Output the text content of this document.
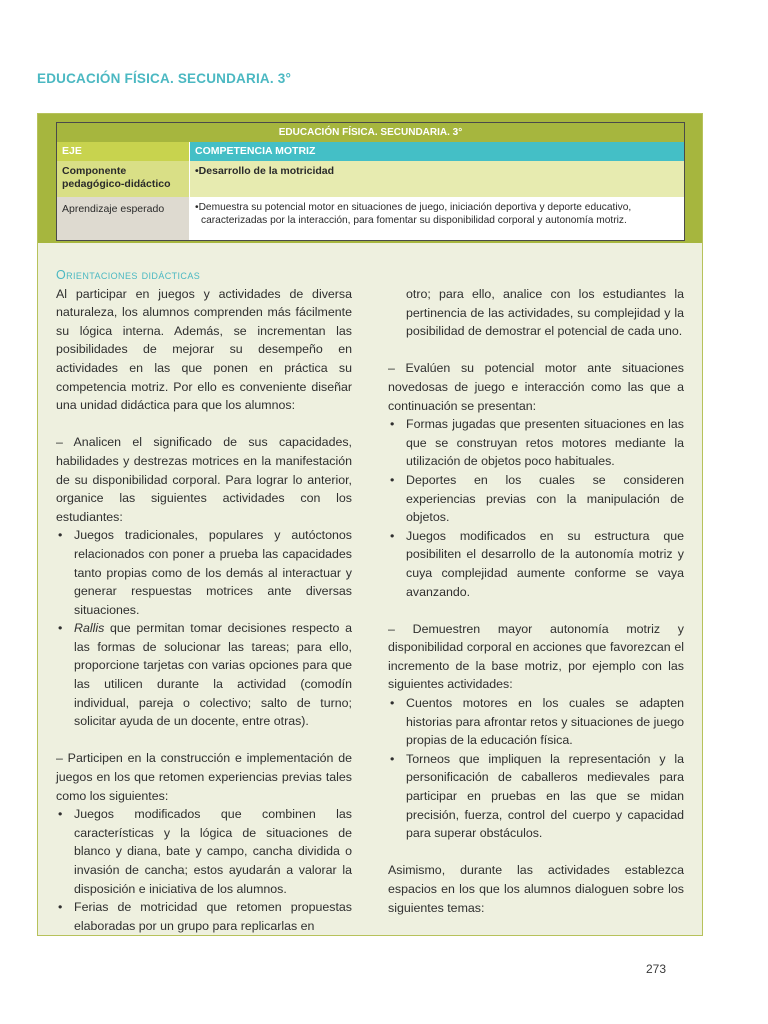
EDUCACIÓN FÍSICA. SECUNDARIA. 3°
EDUCACIÓN FÍSICA. SECUNDARIA. 3°
EJE	COMPETENCIA MOTRIZ
Componente pedagógico-didáctico
•Desarrollo de la motricidad
Aprendizaje esperado	•Demuestra su potencial motor en situaciones de juego, iniciación deportiva y deporte educativo,
caracterizadas por la interacción, para fomentar su disponibilidad corporal y autonomía motriz.
Orientaciones didácticas

Al participar en juegos y actividades de diversa naturaleza, los alumnos comprenden más fácilmente su lógica interna. Además, se incrementan las posibilidades de mejorar su desempeño en actividades en las que ponen en práctica su competencia motriz. Por ello es conveniente diseñar una unidad didáctica para que los alumnos:

– Analicen el significado de sus capacidades, habilidades y destrezas motrices en la manifestación de su disponibilidad corporal. Para lograr lo anterior, organice las siguientes actividades con los estudiantes:

• Juegos tradicionales, populares y autóctonos relacionados con poner a prueba las capacidades tanto propias como de los demás al interactuar y generar respuestas motrices ante diversas situaciones.
• Rallis que permitan tomar decisiones respecto a las formas de solucionar las tareas; para ello, proporcione tarjetas con varias opciones para que las utilicen durante la actividad (comodín individual, pareja o colectivo; salto de turno; solicitar ayuda de un docente, entre otras).

– Participen en la construcción e implementación de juegos en los que retomen experiencias previas tales como los siguientes:

• Juegos modificados que combinen las características y la lógica de situaciones de blanco y diana, bate y campo, cancha dividida o invasión de cancha; estos ayudarán a valorar la disposición e iniciativa de los alumnos.
• Ferias de motricidad que retomen propuestas elaboradas por un grupo para replicarlas en
otro; para ello, analice con los estudiantes la pertinencia de las actividades, su complejidad y la posibilidad de demostrar el potencial de cada uno.

– Evalúen su potencial motor ante situaciones novedosas de juego e interacción como las que a continuación se presentan:

• Formas jugadas que presenten situaciones en las que se construyan retos motores mediante la utilización de objetos poco habituales.
• Deportes en los cuales se consideren experiencias previas con la manipulación de objetos.
• Juegos modificados en su estructura que posibiliten el desarrollo de la autonomía motriz y cuya complejidad aumente conforme se vaya avanzando.

– Demuestren mayor autonomía motriz y disponibilidad corporal en acciones que favorezcan el incremento de la base motriz, por ejemplo con las siguientes actividades:

• Cuentos motores en los cuales se adapten historias para afrontar retos y situaciones de juego propias de la educación física.
• Torneos que impliquen la representación y la personificación de caballeros medievales para participar en pruebas en las que se midan precisión, fuerza, control del cuerpo y capacidad para superar obstáculos.

Asimismo, durante las actividades establezca espacios en los que los alumnos dialoguen sobre los siguientes temas:

273
